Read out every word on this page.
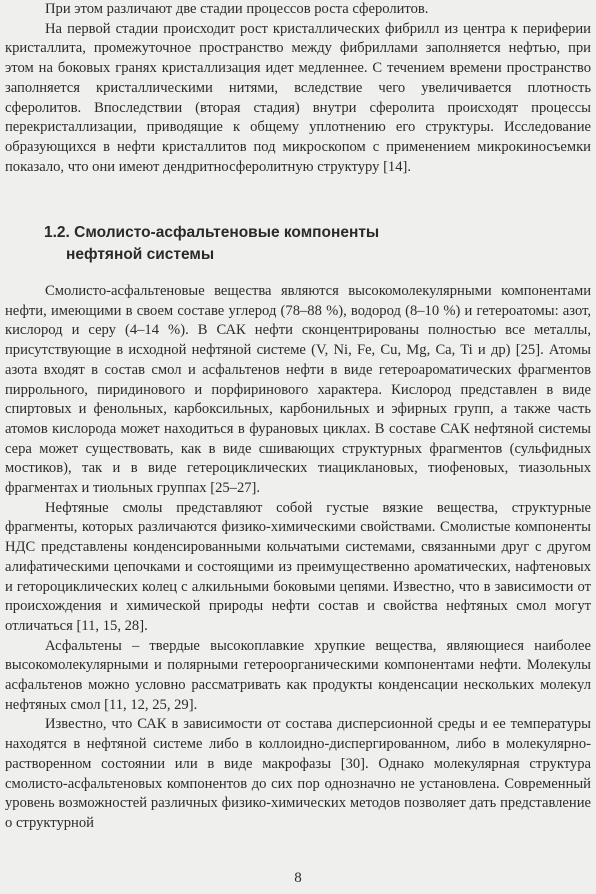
При этом различают две стадии процессов роста сферолитов.

На первой стадии происходит рост кристаллических фибрилл из центра к периферии кристаллита, промежуточное пространство между фибриллами заполняется нефтью, при этом на боковых гранях кристаллизация идет медленнее. С течением времени пространство заполняется кристаллическими нитями, вследствие чего увеличивается плотность сферолитов. Впоследствии (вторая стадия) внутри сферолита происходят процессы перекристаллизации, приводящие к общему уплотнению его структуры. Исследование образующихся в нефти кристаллитов под микроскопом с применением микрокиносъемки показало, что они имеют дендритносферолитную структуру [14].

1.2. Смолисто-асфальтеновые компоненты
нефтяной системы

Смолисто-асфальтеновые вещества являются высокомолекулярными компонентами нефти, имеющими в своем составе углерод (78–88 %), водород (8–10 %) и гетероатомы: азот, кислород и серу (4–14 %). В САК нефти сконцентрированы полностью все металлы, присутствующие в исходной нефтяной системе (V, Ni, Fe, Cu, Mg, Ca, Ti и др) [25]. Атомы азота входят в состав смол и асфальтенов нефти в виде гетероароматических фрагментов пиррольного, пиридинового и порфиринового характера. Кислород представлен в виде спиртовых и фенольных, карбоксильных, карбонильных и эфирных групп, а также часть атомов кислорода может находиться в фурановых циклах. В составе САК нефтяной системы сера может существовать, как в виде сшивающих структурных фрагментов (сульфидных мостиков), так и в виде гетероциклических тиациклановых, тиофеновых, тиазольных фрагментах и тиольных группах [25–27].

Нефтяные смолы представляют собой густые вязкие вещества, структурные фрагменты, которых различаются физико-химическими свойствами. Смолистые компоненты НДС представлены конденсированными кольчатыми системами, связанными друг с другом алифатическими цепочками и состоящими из преимущественно ароматических, нафтеновых и гетороциклических колец с алкильными боковыми цепями. Известно, что в зависимости от происхождения и химической природы нефти состав и свойства нефтяных смол могут отличаться [11, 15, 28].

Асфальтены – твердые высокоплавкие хрупкие вещества, являющиеся наиболее высокомолекулярными и полярными гетероорганическими компонентами нефти. Молекулы асфальтенов можно условно рассматривать как продукты конденсации нескольких молекул нефтяных смол [11, 12, 25, 29].

Известно, что САК в зависимости от состава дисперсионной среды и ее температуры находятся в нефтяной системе либо в коллоидно-диспергированном, либо в молекулярно-растворенном состоянии или в виде макрофазы [30]. Однако молекулярная структура смолисто-асфальтеновых компонентов до сих пор однозначно не установлена. Современный уровень возможностей различных физико-химических методов позволяет дать представление о структурной

8
